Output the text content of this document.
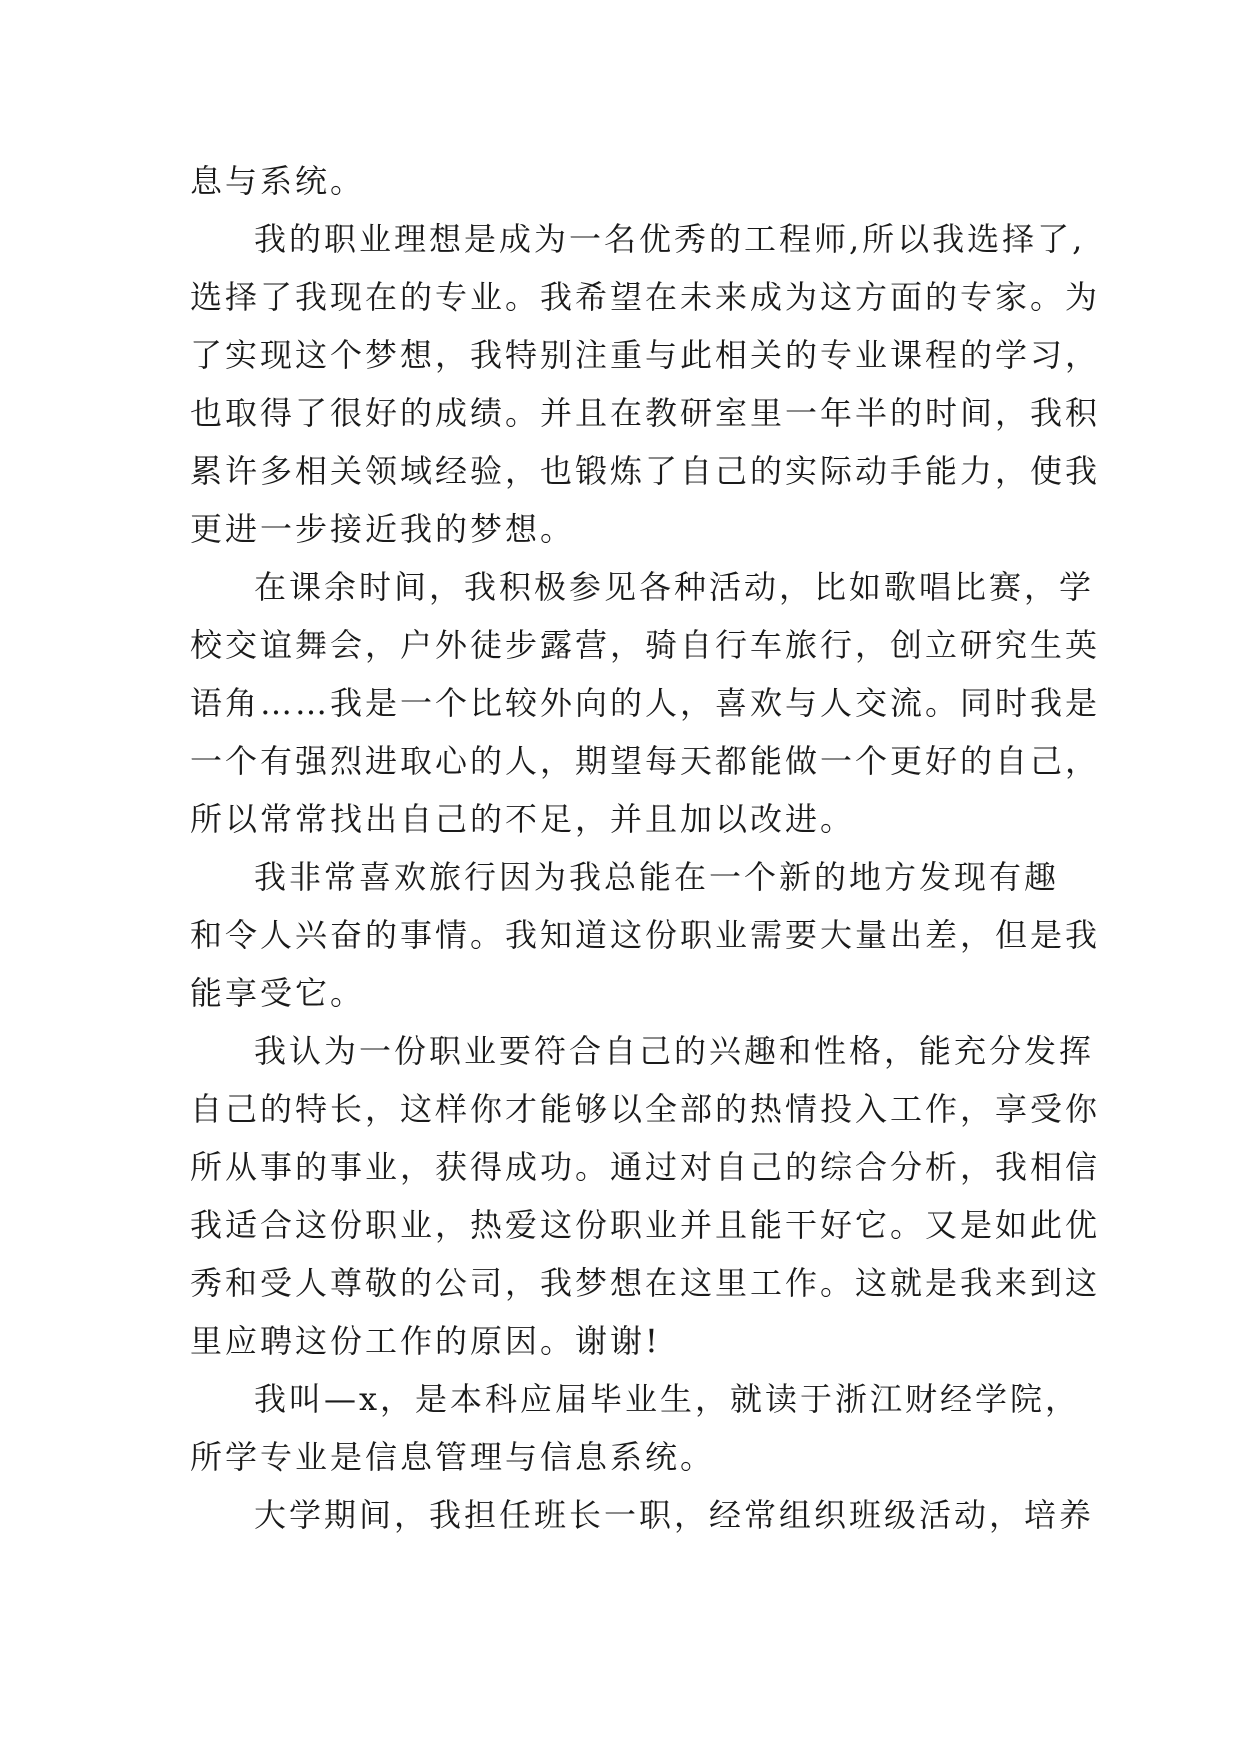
息与系统。
我的职业理想是成为一名优秀的工程师,所以我选择了,
选择了我现在的专业。我希望在未来成为这方面的专家。为
了实现这个梦想，我特别注重与此相关的专业课程的学习，
也取得了很好的成绩。并且在教研室里一年半的时间，我积
累许多相关领域经验，也锻炼了自己的实际动手能力，使我
更进一步接近我的梦想。
在课余时间，我积极参见各种活动，比如歌唱比赛，学
校交谊舞会，户外徒步露营，骑自行车旅行，创立研究生英
语角……我是一个比较外向的人，喜欢与人交流。同时我是
一个有强烈进取心的人，期望每天都能做一个更好的自己，
所以常常找出自己的不足，并且加以改进。
我非常喜欢旅行因为我总能在一个新的地方发现有趣
和令人兴奋的事情。我知道这份职业需要大量出差，但是我
能享受它。
我认为一份职业要符合自己的兴趣和性格，能充分发挥
自己的特长，这样你才能够以全部的热情投入工作，享受你
所从事的事业，获得成功。通过对自己的综合分析，我相信
我适合这份职业，热爱这份职业并且能干好它。又是如此优
秀和受人尊敬的公司，我梦想在这里工作。这就是我来到这
里应聘这份工作的原因。谢谢!
我叫—x，是本科应届毕业生，就读于浙江财经学院，
所学专业是信息管理与信息系统。
大学期间，我担任班长一职，经常组织班级活动，培养
